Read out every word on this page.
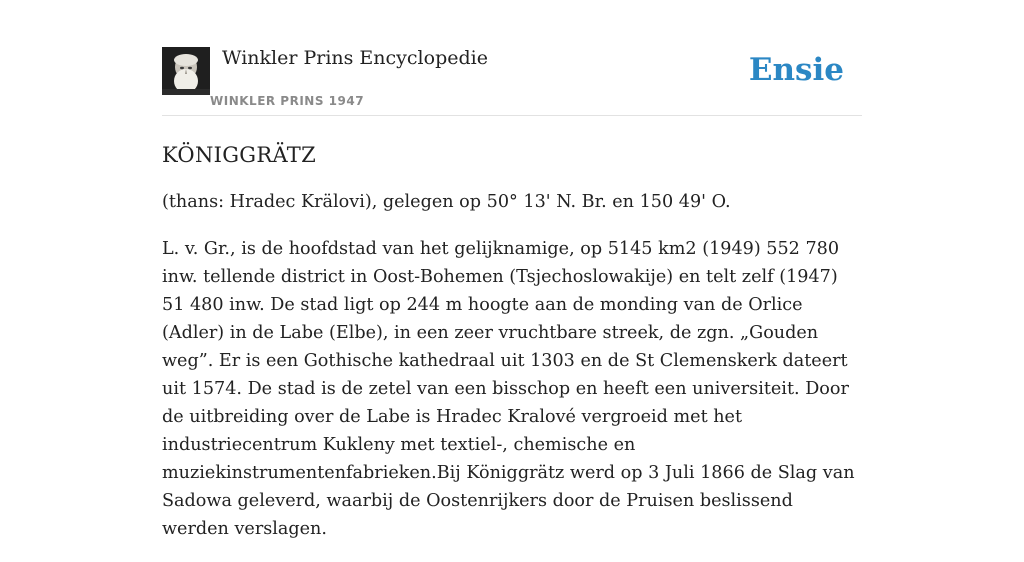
Winkler Prins Encyclopedie
WINKLER PRINS 1947
Ensie
KÖNIGGRÄTZ

(thans: Hradec Krälovi), gelegen op 50° 13' N. Br. en 150 49' O.

L. v. Gr., is de hoofdstad van het gelijknamige, op 5145 km2 (1949) 552 780 inw. tellende district in Oost-Bohemen (Tsjechoslowakije) en telt zelf (1947) 51 480 inw. De stad ligt op 244 m hoogte aan de monding van de Orlice (Adler) in de Labe (Elbe), in een zeer vruchtbare streek, de zgn. „Gouden weg”. Er is een Gothische kathedraal uit 1303 en de St Clemenskerk dateert uit 1574. De stad is de zetel van een bisschop en heeft een universiteit. Door de uitbreiding over de Labe is Hradec Kralové vergroeid met het industriecentrum Kukleny met textiel-, chemische en muziekinstrumentenfabrieken.Bij Königgrätz werd op 3 Juli 1866 de Slag van Sadowa geleverd, waarbij de Oostenrijkers door de Pruisen beslissend werden verslagen.
